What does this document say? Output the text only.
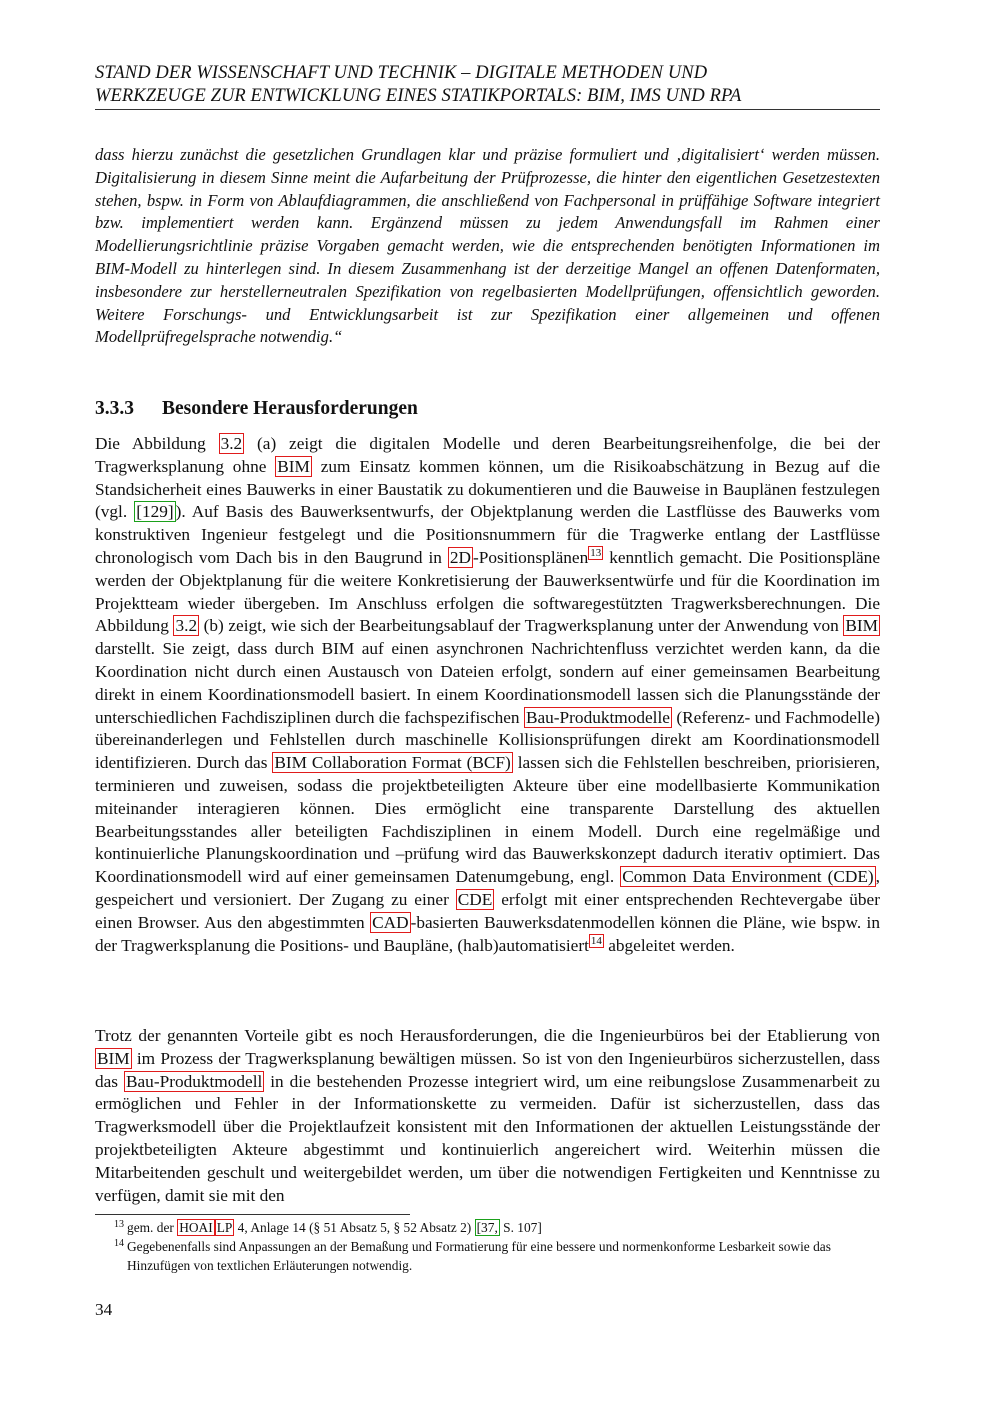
STAND DER WISSENSCHAFT UND TECHNIK – DIGITALE METHODEN UND
WERKZEUGE ZUR ENTWICKLUNG EINES STATIKPORTALS: BIM, IMS UND RPA
dass hierzu zunächst die gesetzlichen Grundlagen klar und präzise formuliert und ‚digitalisiert‘ werden müssen. Digitalisierung in diesem Sinne meint die Aufarbeitung der Prüfprozesse, die hinter den eigentlichen Gesetzestexten stehen, bspw. in Form von Ablaufdiagrammen, die anschließend von Fachpersonal in prüffähige Software integriert bzw. implementiert werden kann. Ergänzend müssen zu jedem Anwendungsfall im Rahmen einer Modellierungsrichtlinie präzise Vorgaben gemacht werden, wie die entsprechenden benötigten Informationen im BIM-Modell zu hinterlegen sind. In diesem Zusammenhang ist der derzeitige Mangel an offenen Datenformaten, insbesondere zur herstellerneutralen Spezifikation von regelbasierten Modellprüfungen, offensichtlich geworden. Weitere Forschungs- und Entwicklungsarbeit ist zur Spezifikation einer allgemeinen und offenen Modellprüfregelsprache notwendig.“
3.3.3 Besondere Herausforderungen

Die Abbildung 3.2 (a) zeigt die digitalen Modelle und deren Bearbeitungsreihenfolge, die bei der Tragwerksplanung ohne BIM zum Einsatz kommen können, um die Risikoabschätzung in Bezug auf die Standsicherheit eines Bauwerks in einer Baustatik zu dokumentieren und die Bauweise in Bauplänen festzulegen (vgl. [129] ). Auf Basis des Bauwerksentwurfs, der Objektplanung werden die Lastflüsse des Bauwerks vom konstruktiven Ingenieur festgelegt und die Positionsnummern für die Tragwerke entlang der Lastflüsse chronologisch vom Dach bis in den Baugrund in 2D -Positionsplänen $^{13}$ kenntlich gemacht. Die Positionspläne werden der Objektplanung für die weitere Konkretisierung der Bauwerksentwürfe und für die Koordination im Projektteam wieder übergeben. Im Anschluss erfolgen die softwaregestützten Tragwerksberechnungen. Die Abbildung 3.2 (b) zeigt, wie sich der Bearbeitungsablauf der Tragwerksplanung unter der Anwendung von BIM darstellt. Sie zeigt, dass durch BIM auf einen asynchronen Nachrichtenfluss verzichtet werden kann, da die Koordination nicht durch einen Austausch von Dateien erfolgt, sondern auf einer gemeinsamen Bearbeitung direkt in einem Koordinationsmodell basiert. In einem Koordinationsmodell lassen sich die Planungsstände der unterschiedlichen Fachdisziplinen durch die fachspezifischen Bau-Produktmodelle (Referenz- und Fachmodelle) übereinanderlegen und Fehlstellen durch maschinelle Kollisionsprüfungen direkt am Koordinationsmodell identifizieren. Durch das BIM Collaboration Format (BCF) lassen sich die Fehlstellen beschreiben, priorisieren, terminieren und zuweisen, sodass die projektbeteiligten Akteure über eine modellbasierte Kommunikation miteinander interagieren können. Dies ermöglicht eine transparente Darstellung des aktuellen Bearbeitungsstandes aller beteiligten Fachdisziplinen in einem Modell. Durch eine regelmäßige und kontinuierliche Planungskoordination und –prüfung wird das Bauwerkskonzept dadurch iterativ optimiert. Das Koordinationsmodell wird auf einer gemeinsamen Datenumgebung, engl. Common Data Environment (CDE) , gespeichert und versioniert. Der Zugang zu einer CDE erfolgt mit einer entsprechenden Rechtevergabe über einen Browser. Aus den abgestimmten CAD -basierten Bauwerksdatenmodellen können die Pläne, wie bspw. in der Tragwerksplanung die Positions- und Baupläne, (halb)automatisiert $^{14}$ abgeleitet werden.

Trotz der genannten Vorteile gibt es noch Herausforderungen, die die Ingenieurbüros bei der Etablierung von BIM im Prozess der Tragwerksplanung bewältigen müssen. So ist von den Ingenieurbüros sicherzustellen, dass das Bau-Produktmodell in die bestehenden Prozesse integriert wird, um eine reibungslose Zusammenarbeit zu ermöglichen und Fehler in der Informationskette zu vermeiden. Dafür ist sicherzustellen, dass das Tragwerksmodell über die Projektlaufzeit konsistent mit den Informationen der aktuellen Leistungsstände der projektbeteiligten Akteure abgestimmt und kontinuierlich angereichert wird. Weiterhin müssen die Mitarbeitenden geschult und weitergebildet werden, um über die notwendigen Fertigkeiten und Kenntnisse zu verfügen, damit sie mit den

13 gem. der HOAI LP 4, Anlage 14 (§ 51 Absatz 5, § 52 Absatz 2) [37, S. 107]
14 Gegebenenfalls sind Anpassungen an der Bemaßung und Formatierung für eine bessere und normenkonforme Lesbarkeit sowie das Hinzufügen von textlichen Erläuterungen notwendig.
34
